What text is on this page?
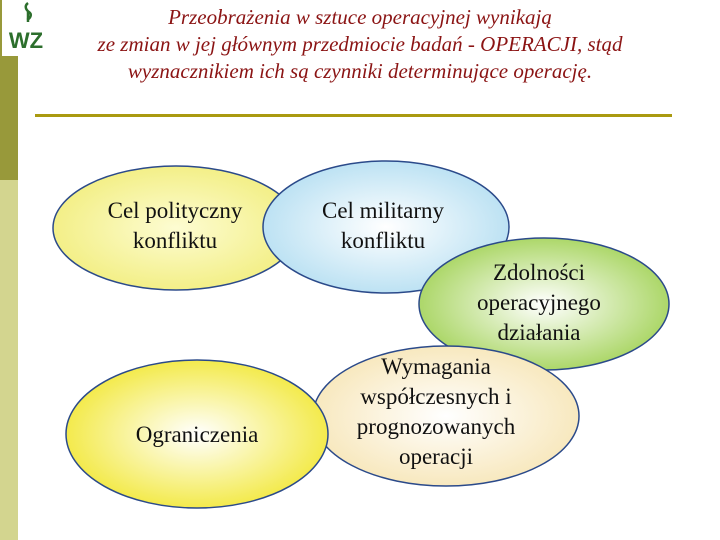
WZ
Przeobrażenia w sztuce operacyjnej wynikają
ze zmian w jej głównym przedmiocie badań - OPERACJI, stąd
wyznacznikiem ich są czynniki determinujące operację.
Cel polityczny
konfliktu
Cel militarny
konfliktu
Zdolności
operacyjnego
działania
Wymagania
współczesnych i
prognozowanych
operacji
Ograniczenia
